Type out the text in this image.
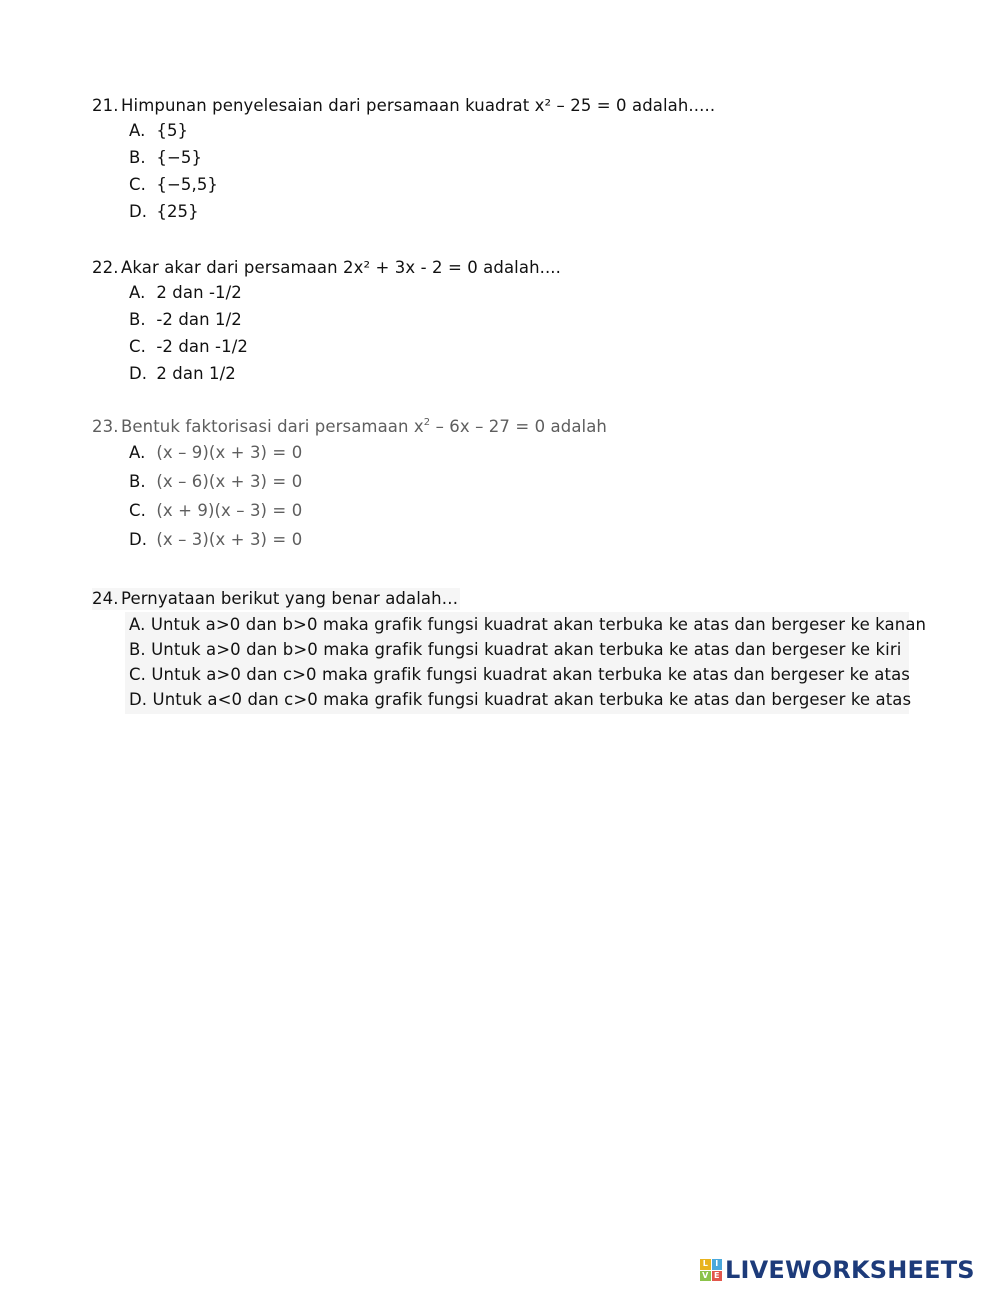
21. Himpunan penyelesaian dari persamaan kuadrat x² – 25 = 0 adalah.....
A. {5}
B. {−5}
C. {−5,5}
D. {25}
22. Akar akar dari persamaan 2x² + 3x - 2 = 0 adalah....
A. 2 dan -1/2
B. -2 dan 1/2
C. -2 dan -1/2
D. 2 dan 1/2
23. Bentuk faktorisasi dari persamaan $x^2 - 6x - 27 = 0$ adalah
A. (x – 9)(x + 3) = 0
B. (x – 6)(x + 3) = 0
C. (x + 9)(x – 3) = 0
D. (x – 3)(x + 3) = 0
24. Pernyataan berikut yang benar adalah…
A. Untuk a>0 dan b>0 maka grafik fungsi kuadrat akan terbuka ke atas dan bergeser ke kanan
B. Untuk a>0 dan b>0 maka grafik fungsi kuadrat akan terbuka ke atas dan bergeser ke kiri
C. Untuk a>0 dan c>0 maka grafik fungsi kuadrat akan terbuka ke atas dan bergeser ke atas
D. Untuk a<0 dan c>0 maka grafik fungsi kuadrat akan terbuka ke atas dan bergeser ke atas
L I
V E LIVEWORKSHEETS
